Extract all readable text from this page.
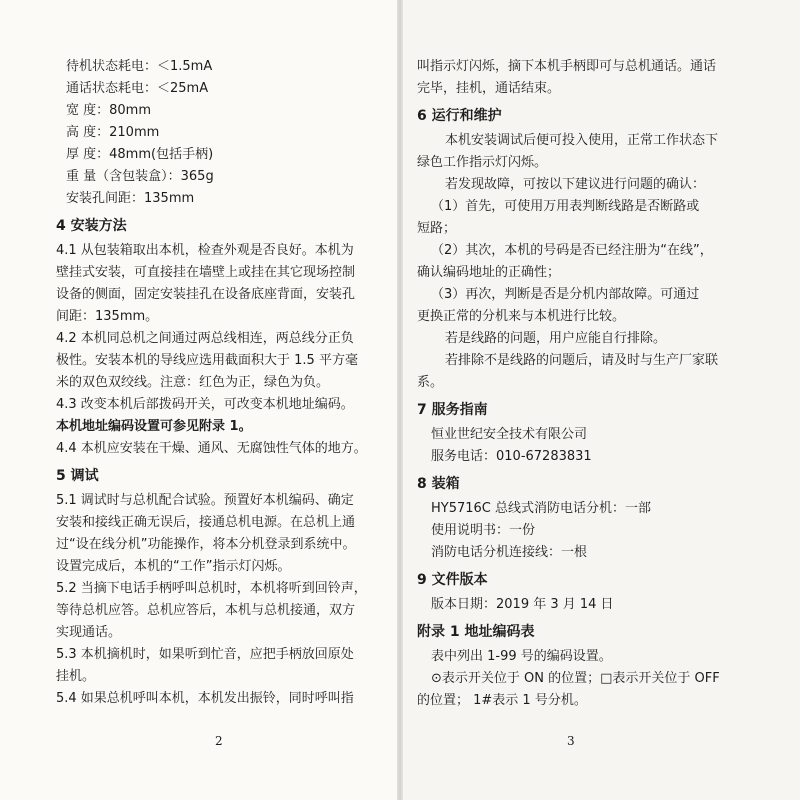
待机状态耗电：＜1.5mA
通话状态耗电：＜25mA
宽 度：80mm
高 度：210mm
厚 度：48mm(包括手柄)
重 量（含包装盒）：365g
安装孔间距：135mm
4 安装方法
4.1 从包装箱取出本机，检查外观是否良好。本机为
壁挂式安装，可直接挂在墙壁上或挂在其它现场控制
设备的侧面，固定安装挂孔在设备底座背面，安装孔
间距：135mm。
4.2 本机同总机之间通过两总线相连，两总线分正负
极性。安装本机的导线应选用截面积大于 1.5 平方毫
米的双色双绞线。注意：红色为正，绿色为负。
4.3 改变本机后部拨码开关，可改变本机地址编码。
本机地址编码设置可参见附录 1。
4.4 本机应安装在干燥、通风、无腐蚀性气体的地方。
5 调试
5.1 调试时与总机配合试验。预置好本机编码、确定
安装和接线正确无误后，接通总机电源。在总机上通
过“设在线分机”功能操作，将本分机登录到系统中。
设置完成后，本机的“工作”指示灯闪烁。
5.2 当摘下电话手柄呼叫总机时，本机将听到回铃声，
等待总机应答。总机应答后，本机与总机接通，双方
实现通话。
5.3 本机摘机时，如果听到忙音，应把手柄放回原处
挂机。
5.4 如果总机呼叫本机，本机发出振铃，同时呼叫指
2
叫指示灯闪烁，摘下本机手柄即可与总机通话。通话
完毕，挂机，通话结束。
6 运行和维护
本机安装调试后便可投入使用，正常工作状态下
绿色工作指示灯闪烁。
若发现故障，可按以下建议进行问题的确认：
（1）首先，可使用万用表判断线路是否断路或
短路；
（2）其次，本机的号码是否已经注册为“在线”，
确认编码地址的正确性；
（3）再次，判断是否是分机内部故障。可通过
更换正常的分机来与本机进行比较。
若是线路的问题，用户应能自行排除。
若排除不是线路的问题后，请及时与生产厂家联
系。
7 服务指南
恒业世纪安全技术有限公司
服务电话：010-67283831
8 装箱
HY5716C 总线式消防电话分机：一部
使用说明书：一份
消防电话分机连接线：一根
9 文件版本
版本日期：2019 年 3 月 14 日
附录 1 地址编码表
表中列出 1-99 号的编码设置。
⊙表示开关位于 ON 的位置；□表示开关位于 OFF
的位置； 1#表示 1 号分机。
3
